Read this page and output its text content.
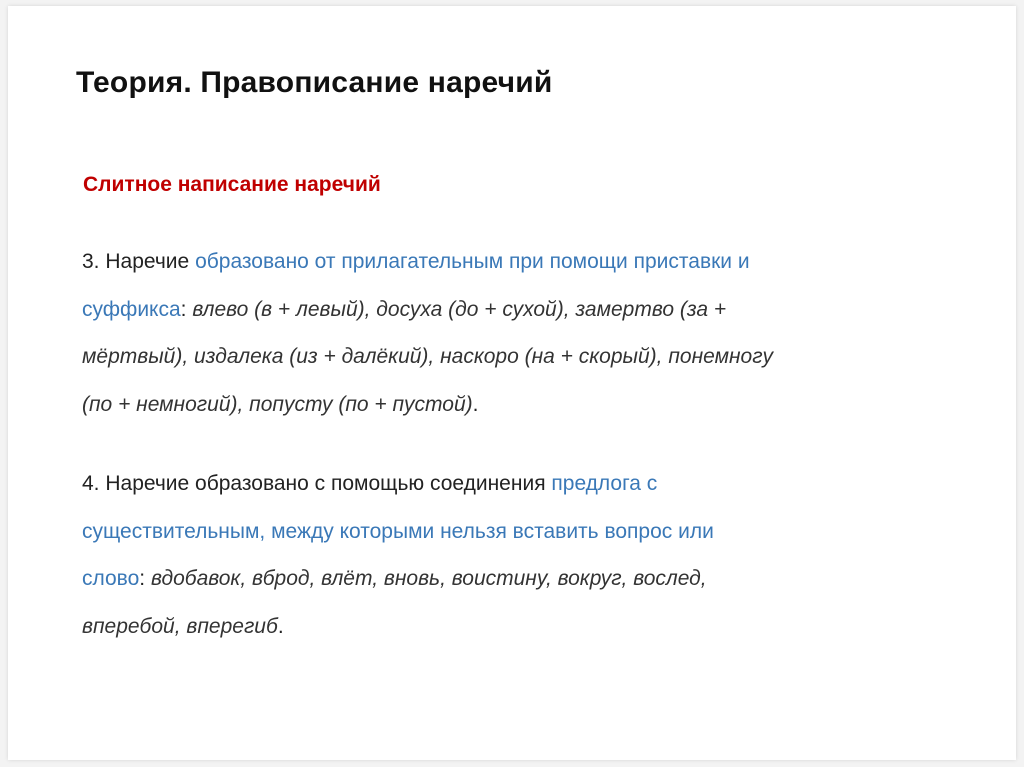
Теория. Правописание наречий
Слитное написание наречий
3. Наречие образовано от прилагательным при помощи приставки и
суффикса: влево (в + левый), досуха (до + сухой), замертво (за +
мёртвый), издалека (из + далёкий), наскоро (на + скорый), понемногу
(по + немногий), попусту (по + пустой).
4. Наречие образовано с помощью соединения предлога с
существительным, между которыми нельзя вставить вопрос или
слово: вдобавок, вброд, влёт, вновь, воистину, вокруг, вослед,
вперебой, вперегиб.
